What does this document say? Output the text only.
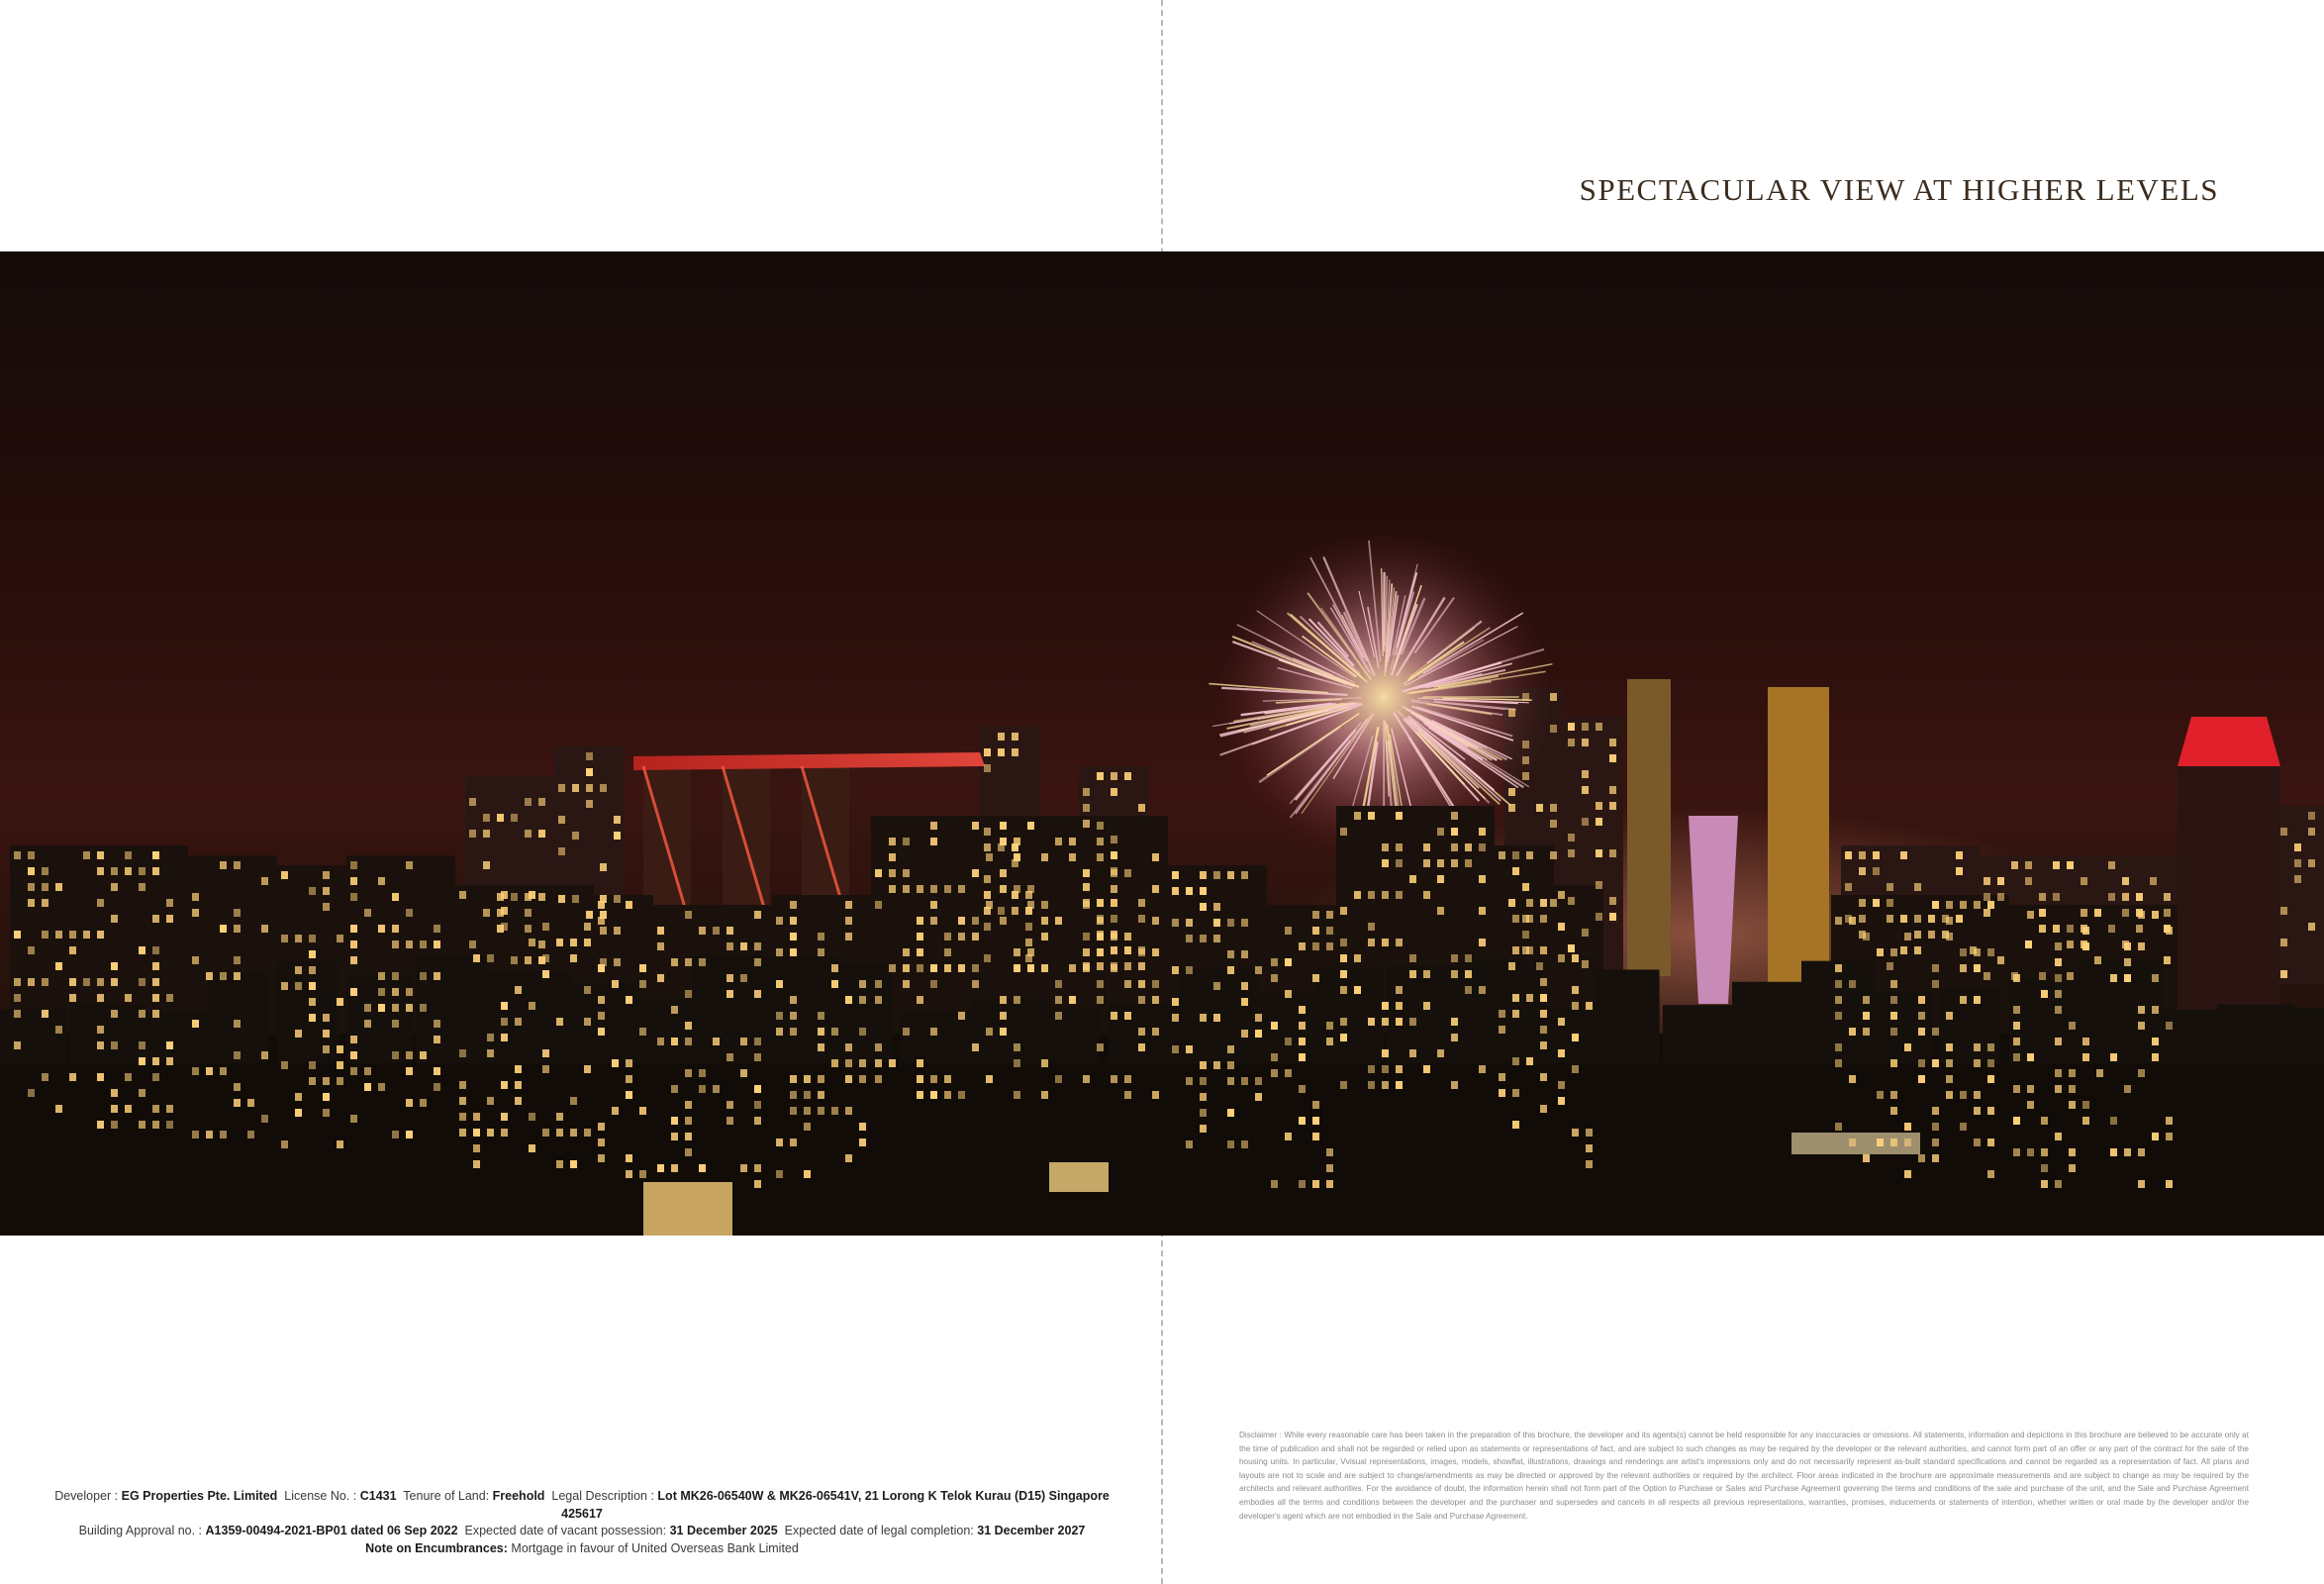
SPECTACULAR VIEW AT HIGHER LEVELS
Developer : EG Properties Pte. Limited License No. : C1431 Tenure of Land: Freehold Legal Description : Lot MK26-06540W & MK26-06541V, 21 Lorong K Telok Kurau (D15) Singapore 425617
Building Approval no. : A1359-00494-2021-BP01 dated 06 Sep 2022 Expected date of vacant possession: 31 December 2025 Expected date of legal completion: 31 December 2027
Note on Encumbrances: Mortgage in favour of United Overseas Bank Limited
Disclaimer : While every reasonable care has been taken in the preparation of this brochure, the developer and its agents(s) cannot be held responsible for any inaccuracies or omissions. All statements, information and depictions in this brochure are believed to be accurate only at the time of publication and shall not be regarded or relied upon as statements or representations of fact, and are subject to such changes as may be required by the developer or the relevant authorities, and cannot form part of an offer or any part of the contract for the sale of the housing units. In particular, Vvisual representations, images, models, showflat, illustrations, drawings and renderings are artist's impressions only and do not necessarily represent as-built standard specifications and cannot be regarded as a representation of fact. All plans and layouts are not to scale and are subject to change/amendments as may be directed or approved by the relevant authorities or required by the architect. Floor areas indicated in the brochure are approximate measurements and are subject to change as may be required by the architects and relevant authorities. For the avoidance of doubt, the information herein shall not form part of the Option to Purchase or Sales and Purchase Agreement governing the terms and conditions of the sale and purchase of the unit, and the Sale and Purchase Agreement embodies all the terms and conditions between the developer and the purchaser and supersedes and cancels in all respects all previous representations, warranties, promises, inducements or statements of intention, whether written or oral made by the developer and/or the developer's agent which are not embodied in the Sale and Purchase Agreement.
